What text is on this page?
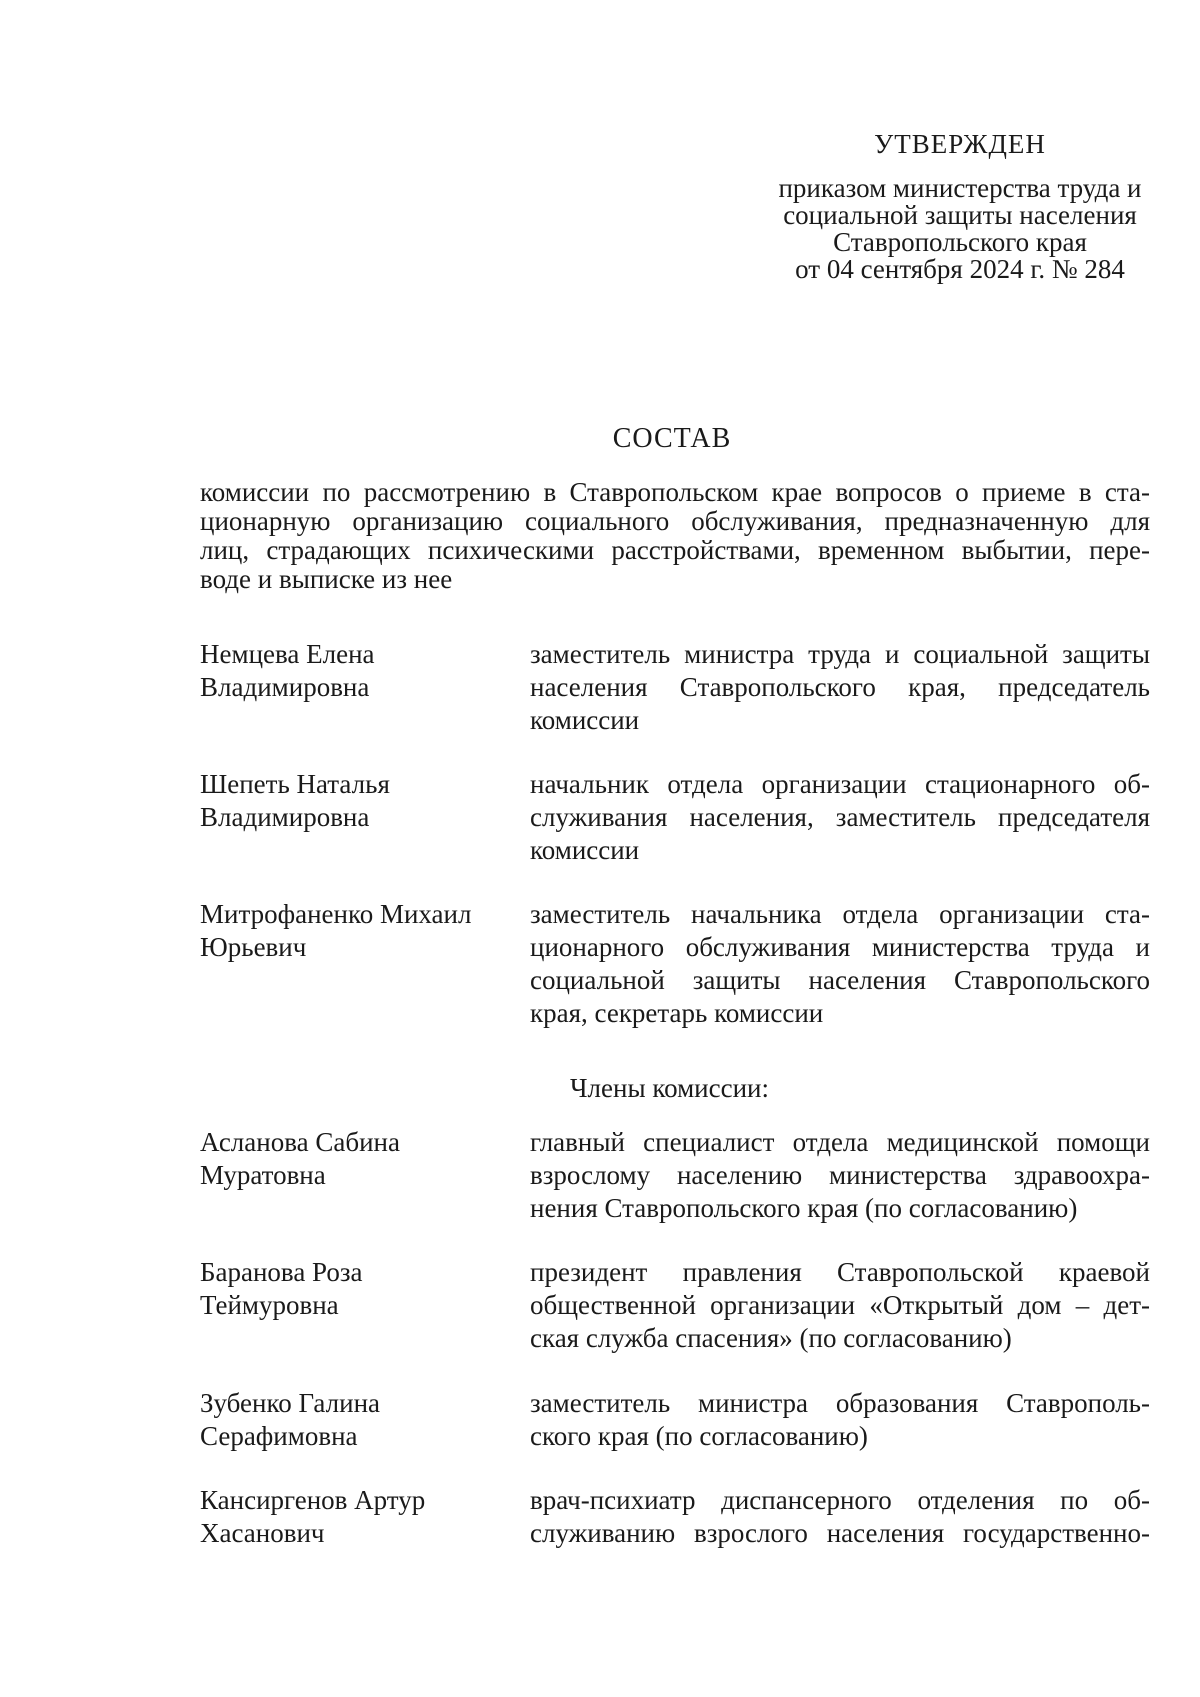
УТВЕРЖДЕН
приказом министерства труда и
социальной защиты населения
Ставропольского края
от 04 сентября 2024 г. № 284
СОСТАВ
комиссии по рассмотрению в Ставропольском крае вопросов о приеме в ста-
ционарную организацию социального обслуживания, предназначенную для
лиц, страдающих психическими расстройствами, временном выбытии, пере-
воде и выписке из нее
Немцева Елена
Владимировна
заместитель министра труда и социальной защиты
населения Ставропольского края, председатель
комиссии
Шепеть Наталья
Владимировна
начальник отдела организации стационарного об-
служивания населения, заместитель председателя
комиссии
Митрофаненко Михаил
Юрьевич
заместитель начальника отдела организации ста-
ционарного обслуживания министерства труда и
социальной защиты населения Ставропольского
края, секретарь комиссии
Члены комиссии:
Асланова Сабина
Муратовна
главный специалист отдела медицинской помощи
взрослому населению министерства здравоохра-
нения Ставропольского края (по согласованию)
Баранова Роза
Теймуровна
президент правления Ставропольской краевой
общественной организации «Открытый дом – дет-
ская служба спасения» (по согласованию)
Зубенко Галина
Серафимовна
заместитель министра образования Ставрополь-
ского края (по согласованию)
Кансиргенов Артур
Хасанович
врач-психиатр диспансерного отделения по об-
служиванию взрослого населения государственно-
